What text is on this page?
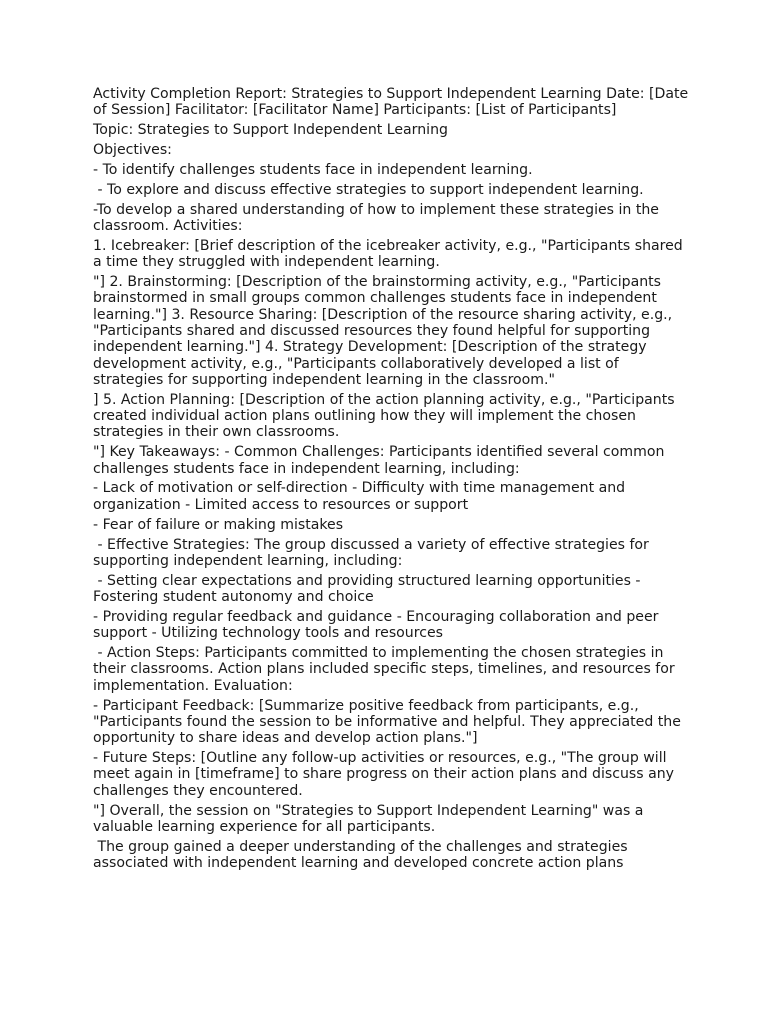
Activity Completion Report: Strategies to Support Independent Learning Date: [Date of Session] Facilitator: [Facilitator Name] Participants: [List of Participants]

Topic: Strategies to Support Independent Learning

Objectives:

- To identify challenges students face in independent learning.

- To explore and discuss effective strategies to support independent learning.

-To develop a shared understanding of how to implement these strategies in the classroom. Activities:

1. Icebreaker: [Brief description of the icebreaker activity, e.g., "Participants shared a time they struggled with independent learning.

"] 2. Brainstorming: [Description of the brainstorming activity, e.g., "Participants brainstormed in small groups common challenges students face in independent learning."] 3. Resource Sharing: [Description of the resource sharing activity, e.g., "Participants shared and discussed resources they found helpful for supporting independent learning."] 4. Strategy Development: [Description of the strategy development activity, e.g., "Participants collaboratively developed a list of strategies for supporting independent learning in the classroom."

] 5. Action Planning: [Description of the action planning activity, e.g., "Participants created individual action plans outlining how they will implement the chosen strategies in their own classrooms.

"] Key Takeaways: - Common Challenges: Participants identified several common challenges students face in independent learning, including:

- Lack of motivation or self-direction - Difficulty with time management and organization - Limited access to resources or support

- Fear of failure or making mistakes

- Effective Strategies: The group discussed a variety of effective strategies for supporting independent learning, including:

- Setting clear expectations and providing structured learning opportunities - Fostering student autonomy and choice

- Providing regular feedback and guidance - Encouraging collaboration and peer support - Utilizing technology tools and resources

- Action Steps: Participants committed to implementing the chosen strategies in their classrooms. Action plans included specific steps, timelines, and resources for implementation. Evaluation:

- Participant Feedback: [Summarize positive feedback from participants, e.g., "Participants found the session to be informative and helpful. They appreciated the opportunity to share ideas and develop action plans."]

- Future Steps: [Outline any follow-up activities or resources, e.g., "The group will meet again in [timeframe] to share progress on their action plans and discuss any challenges they encountered.

"] Overall, the session on "Strategies to Support Independent Learning" was a valuable learning experience for all participants.

The group gained a deeper understanding of the challenges and strategies associated with independent learning and developed concrete action plans
